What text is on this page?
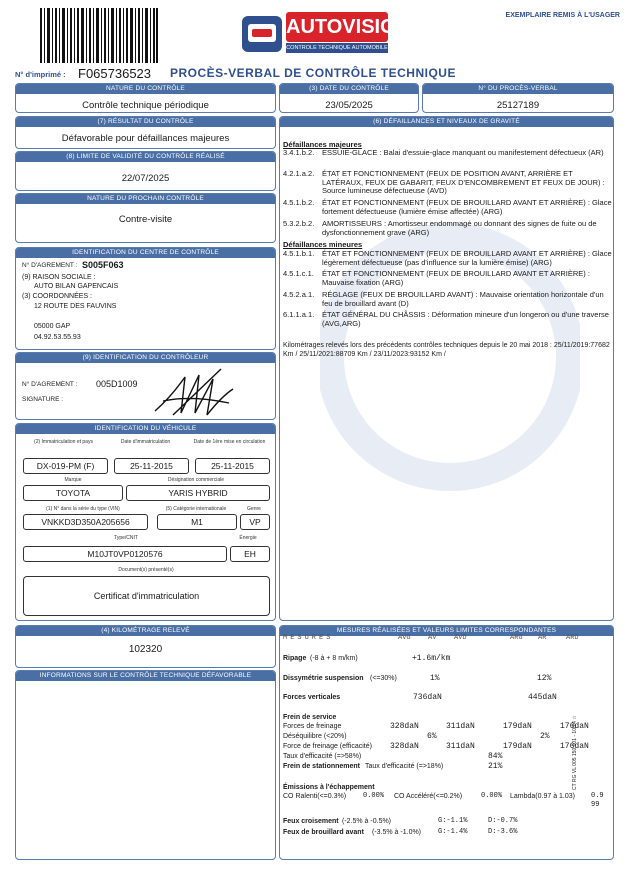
AUTOVISION
CONTROLE TECHNIQUE AUTOMOBILE
EXEMPLAIRE REMIS À L'USAGER
N° d'imprimé : F065736523 PROCÈS-VERBAL DE CONTRÔLE TECHNIQUE
NATURE DU CONTRÔLE
Contrôle technique périodique
(3) DATE DU CONTRÔLE
23/05/2025
N° DU PROCÈS-VERBAL
25127189
(7) RÉSULTAT DU CONTRÔLE
Défavorable pour défaillances majeures
(8) LIMITE DE VALIDITÉ DU CONTRÔLE RÉALISÉ
22/07/2025
NATURE DU PROCHAIN CONTRÔLE
Contre-visite
IDENTIFICATION DU CENTRE DE CONTRÔLE
N° D'AGREMENT : S005F063
(9) RAISON SOCIALE :
AUTO BILAN GAPENCAIS
(3) COORDONNÉES :
12 ROUTE DES FAUVINS
05000 GAP
04.92.53.55.93
(9) IDENTIFICATION DU CONTRÔLEUR
N° D'AGREMENT : 005D1009
SIGNATURE :
IDENTIFICATION DU VÉHICULE
(2) Immatriculation et pays	Date d'immatriculation	Date de 1ère mise en circulation
DX-019-PM (F)	25-11-2015	25-11-2015
Marque	Désignation commerciale
TOYOTA	YARIS HYBRID
(1) N° dans la série du type (VIN)	(5) Catégorie internationale	Genre
VNKKD3D350A205656	M1	VP
Type/CNIT	Énergie
M10JT0VP0120576	EH
Document(s) présenté(s)
Certificat d'immatriculation
(4) KILOMÉTRAGE RELEVÉ
102320
INFORMATIONS SUR LE CONTRÔLE TECHNIQUE DÉFAVORABLE
(6) DÉFAILLANCES ET NIVEAUX DE GRAVITÉ
Défaillances majeures
3.4.1.b.2.	ESSUIE-GLACE : Balai d'essuie-glace manquant ou manifestement défectueux (AR)
4.2.1.a.2.	ÉTAT ET FONCTIONNEMENT (FEUX DE POSITION AVANT, ARRIÈRE ET LATÉRAUX, FEUX DE GABARIT, FEUX D'ENCOMBREMENT ET FEUX DE JOUR) : Source lumineuse défectueuse (AVD)
4.5.1.b.2.	ÉTAT ET FONCTIONNEMENT (FEUX DE BROUILLARD AVANT ET ARRIÈRE) : Glace fortement défectueuse (lumière émise affectée) (ARG)
5.3.2.b.2.	AMORTISSEURS : Amortisseur endommagé ou donnant des signes de fuite ou de dysfonctionnement grave (ARG)
Défaillances mineures
4.5.1.b.1.	ÉTAT ET FONCTIONNEMENT (FEUX DE BROUILLARD AVANT ET ARRIÈRE) : Glace légèrement défectueuse (pas d'influence sur la lumière émise) (ARG)
4.5.1.c.1.	ÉTAT ET FONCTIONNEMENT (FEUX DE BROUILLARD AVANT ET ARRIÈRE) : Mauvaise fixation (ARG)
4.5.2.a.1.	RÉGLAGE (FEUX DE BROUILLARD AVANT) : Mauvaise orientation horizontale d'un feu de brouillard avant (D)
6.1.1.a.1.	ÉTAT GÉNÉRAL DU CHÂSSIS : Déformation mineure d'un longeron ou d'une traverse (AVG,ARG)
Kilométrages relevés lors des précédents contrôles techniques depuis le 20 mai 2018 : 25/11/2019:77682 Km / 25/11/2021:88709 Km / 23/11/2023:93152 Km /
MESURES RÉALISÉES ET VALEURS LIMITES CORRESPONDANTES
MESURES	AVG AV	AVD	ARG AR	ARD
Ripage (-8 à + 8 m/km)	+1.6m/km
Dissymétrie suspension (<=30%)	1%	12%
Forces verticales	736daN	445daN
Frein de service
Forces de freinage	328daN	311daN	179daN	176daN
Déséquilibre (<20%)	6%	2%
Force de freinage (efficacité) 328daN	311daN	179daN	176daN
Taux d'efficacité (=>58%)	84%
Frein de stationnement Taux d'efficacité (=>18%)	21%
Émissions à l'échappement
CO Ralenti(<=0.3%) 0.00% CO Accéléré(<=0.2%)	0.00% Lambda(0.97 à 1.03) 0.9
99
Feux croisement (-2.5% à -0.5%)	G:-1.1%	D:-0.7%
Feux de brouillard avant (-3.5% à -1.0%) G:-1.4%	D:-3.6%
CT RG VL 005 150 001 - 10/24 ☆
